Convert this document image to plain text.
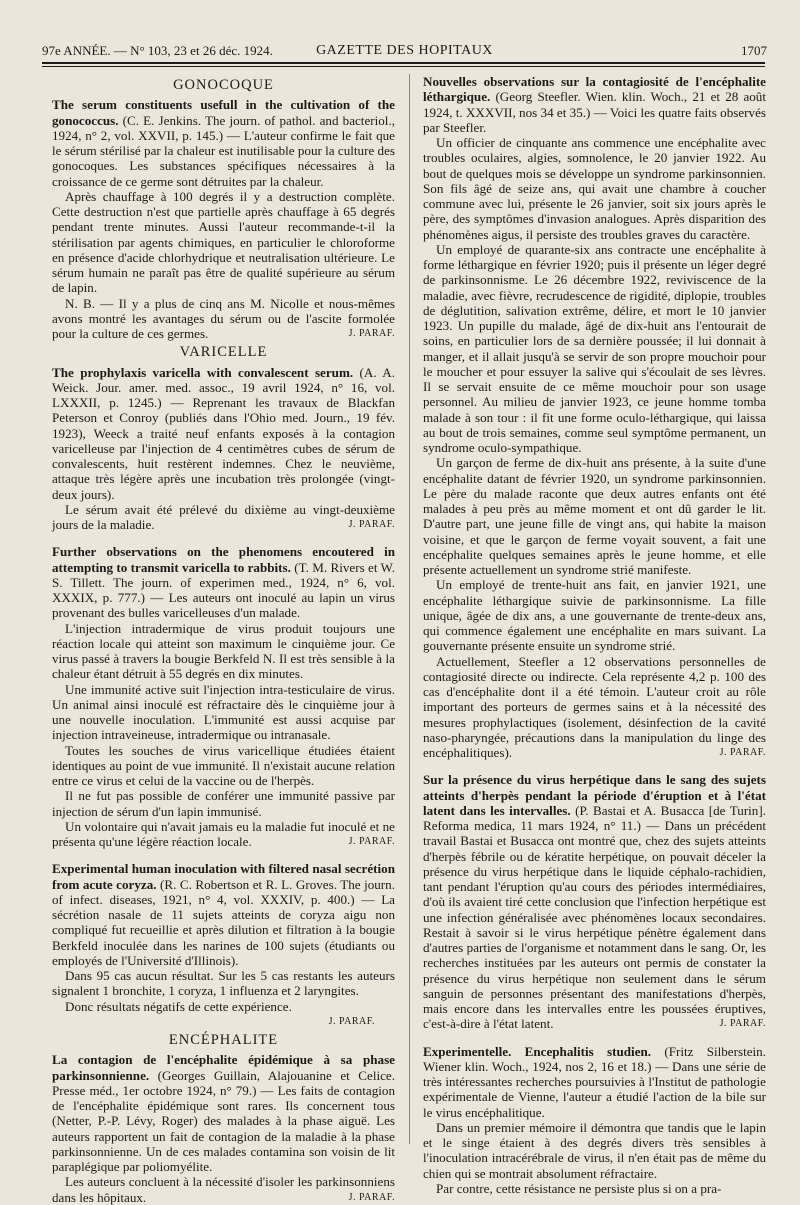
97e ANNÉE. — N° 103, 23 et 26 déc. 1924.	GAZETTE DES HOPITAUX	1707
GONOCOQUE

The serum constituents usefull in the cultivation of the gonococcus. (C. E. Jenkins. The journ. of pathol. and bacteriol., 1924, n° 2, vol. XXVII, p. 145.) — L'auteur confirme le fait que le sérum stérilisé par la chaleur est inutilisable pour la culture des gonocoques. Les substances spécifiques nécessaires à la croissance de ce germe sont détruites par la chaleur.

Après chauffage à 100 degrés il y a destruction complète. Cette destruction n'est que partielle après chauffage à 65 degrés pendant trente minutes. Aussi l'auteur recommande-t-il la stérilisation par agents chimiques, en particulier le chloroforme en présence d'acide chlorhydrique et neutralisation ultérieure. Le sérum humain ne paraît pas être de qualité supérieure au sérum de lapin.

N. B. — Il y a plus de cinq ans M. Nicolle et nous-mêmes avons montré les avantages du sérum ou de l'ascite formolée pour la culture de ces germes.	J. PARAF.

VARICELLE

The prophylaxis varicella with convalescent serum. (A. A. Weick. Jour. amer. med. assoc., 19 avril 1924, n° 16, vol. LXXXII, p. 1245.) — Reprenant les travaux de Blackfan Peterson et Conroy (publiés dans l'Ohio med. Journ., 19 fév. 1923), Weeck a traité neuf enfants exposés à la contagion varicelleuse par l'injection de 4 centimètres cubes de sérum de convalescents, huit restèrent indemnes. Chez le neuvième, attaque très légère après une incubation très prolongée (vingt-deux jours).

Le sérum avait été prélevé du dixième au vingt-deuxième jours de la maladie.	J. PARAF.

Further observations on the phenomens encoutered in attempting to transmit varicella to rabbits. (T. M. Rivers et W. S. Tillett. The journ. of experimen med., 1924, n° 6, vol. XXXIX, p. 777.) — Les auteurs ont inoculé au lapin un virus provenant des bulles varicelleuses d'un malade.

L'injection intradermique de virus produit toujours une réaction locale qui atteint son maximum le cinquième jour. Ce virus passé à travers la bougie Berkfeld N. Il est très sensible à la chaleur étant détruit à 55 degrés en dix minutes.

Une immunité active suit l'injection intra-testiculaire de virus. Un animal ainsi inoculé est réfractaire dès le cinquième jour à une nouvelle inoculation. L'immunité est aussi acquise par injection intraveineuse, intradermique ou intranasale.

Toutes les souches de virus varicellique étudiées étaient identiques au point de vue immunité. Il n'existait aucune relation entre ce virus et celui de la vaccine ou de l'herpès.

Il ne fut pas possible de conférer une immunité passive par injection de sérum d'un lapin immunisé.

Un volontaire qui n'avait jamais eu la maladie fut inoculé et ne présenta qu'une légère réaction locale.	J. PARAF.

Experimental human inoculation with filtered nasal secrétion from acute coryza. (R. C. Robertson et R. L. Groves. The journ. of infect. diseases, 1921, n° 4, vol. XXXIV, p. 400.) — La sécrétion nasale de 11 sujets atteints de coryza aigu non compliqué fut recueillie et après dilution et filtration à la bougie Berkfeld inoculée dans les narines de 100 sujets (étudiants ou employés de l'Université d'Illinois).

Dans 95 cas aucun résultat. Sur les 5 cas restants les auteurs signalent 1 bronchite, 1 coryza, 1 influenza et 2 laryngites.

Donc résultats négatifs de cette expérience.

J. PARAF.
ENCÉPHALITE

La contagion de l'encéphalite épidémique à sa phase parkinsonnienne. (Georges Guillain, Alajouanine et Celice. Presse méd., 1er octobre 1924, n° 79.) — Les faits de contagion de l'encéphalite épidémique sont rares. Ils concernent tous (Netter, P.-P. Lévy, Roger) des malades à la phase aiguë. Les auteurs rapportent un fait de contagion de la maladie à la phase parkinsonnienne. Un de ces malades contamina son voisin de lit paraplégique par poliomyélite.

Les auteurs concluent à la nécessité d'isoler les parkinsonniens dans les hôpitaux.	J. PARAF.

Nouvelles observations sur la contagiosité de l'encéphalite léthargique. (Georg Steefler. Wien. klin. Woch., 21 et 28 août 1924, t. XXXVII, nos 34 et 35.) — Voici les quatre faits observés par Steefler.

Un officier de cinquante ans commence une encéphalite avec troubles oculaires, algies, somnolence, le 20 janvier 1922. Au bout de quelques mois se développe un syndrome parkinsonnien. Son fils âgé de seize ans, qui avait une chambre à coucher commune avec lui, présente le 26 janvier, soit six jours après le père, des symptômes d'invasion analogues. Après disparition des phénomènes aigus, il persiste des troubles graves du caractère.

Un employé de quarante-six ans contracte une encéphalite à forme léthargique en février 1920; puis il présente un léger degré de parkinsonnisme. Le 26 décembre 1922, reviviscence de la maladie, avec fièvre, recrudescence de rigidité, diplopie, troubles de déglutition, salivation extrême, délire, et mort le 10 janvier 1923. Un pupille du malade, âgé de dix-huit ans l'entourait de soins, en particulier lors de sa dernière poussée; il lui donnait à manger, et il allait jusqu'à se servir de son propre mouchoir pour le moucher et pour essuyer la salive qui s'écoulait de ses lèvres. Il se servait ensuite de ce même mouchoir pour son usage personnel. Au milieu de janvier 1923, ce jeune homme tomba malade à son tour : il fit une forme oculo-léthargique, qui laissa au bout de trois semaines, comme seul symptôme permanent, un syndrome oculo-sympathique.

Un garçon de ferme de dix-huit ans présente, à la suite d'une encéphalite datant de février 1920, un syndrome parkinsonnien. Le père du malade raconte que deux autres enfants ont été malades à peu près au même moment et ont dû garder le lit. D'autre part, une jeune fille de vingt ans, qui habite la maison voisine, et que le garçon de ferme voyait souvent, a fait une encéphalite quelques semaines après le jeune homme, et elle présente actuellement un syndrome strié manifeste.

Un employé de trente-huit ans fait, en janvier 1921, une encéphalite léthargique suivie de parkinsonnisme. La fille unique, âgée de dix ans, a une gouvernante de trente-deux ans, qui commence également une encéphalite en mars suivant. La gouvernante présente ensuite un syndrome strié.

Actuellement, Steefler a 12 observations personnelles de contagiosité directe ou indirecte. Cela représente 4,2 p. 100 des cas d'encéphalite dont il a été témoin. L'auteur croit au rôle important des porteurs de germes sains et à la nécessité des mesures prophylactiques (isolement, désinfection de la cavité naso-pharyngée, précautions dans la manipulation du linge des encéphalitiques).	J. PARAF.

Sur la présence du virus herpétique dans le sang des sujets atteints d'herpès pendant la période d'éruption et à l'état latent dans les intervalles. (P. Bastai et A. Busacca [de Turin]. Reforma medica, 11 mars 1924, n° 11.) — Dans un précédent travail Bastai et Busacca ont montré que, chez des sujets atteints d'herpès fébrile ou de kératite herpétique, on pouvait déceler la présence du virus herpétique dans le liquide céphalo-rachidien, tant pendant l'éruption qu'au cours des périodes intermédiaires, d'où ils avaient tiré cette conclusion que l'infection herpétique est une infection généralisée avec phénomènes locaux secondaires. Restait à savoir si le virus herpétique pénètre également dans d'autres parties de l'organisme et notamment dans le sang. Or, les recherches instituées par les auteurs ont permis de constater la présence du virus herpétique non seulement dans le sérum sanguin de personnes présentant des manifestations d'herpès, mais encore dans les intervalles entre les poussées éruptives, c'est-à-dire à l'état latent.	J. PARAF.

Experimentelle. Encephalitis studien. (Fritz Silberstein. Wiener klin. Woch., 1924, nos 2, 16 et 18.) — Dans une série de très intéressantes recherches poursuivies à l'Institut de pathologie expérimentale de Vienne, l'auteur a étudié l'action de la bile sur le virus encéphalitique.

Dans un premier mémoire il démontra que tandis que le lapin et le singe étaient à des degrés divers très sensibles à l'inoculation intracérébrale de virus, il n'en était pas de même du chien qui se montrait absolument réfractaire.

Par contre, cette résistance ne persiste plus si on a pra-
